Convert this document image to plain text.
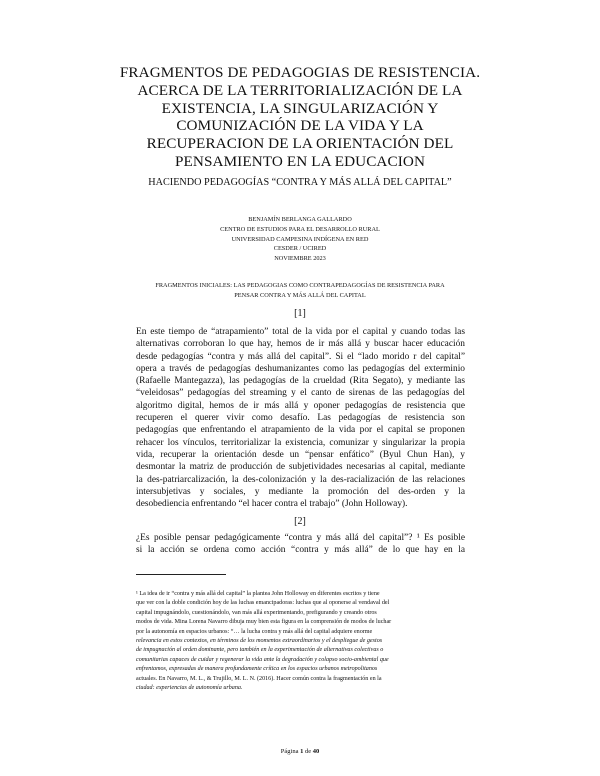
FRAGMENTOS DE PEDAGOGIAS DE RESISTENCIA.
ACERCA DE LA TERRITORIALIZACIÓN DE LA
EXISTENCIA, LA SINGULARIZACIÓN Y
COMUNIZACIÓN DE LA VIDA Y LA
RECUPERACION DE LA ORIENTACIÓN DEL
PENSAMIENTO EN LA EDUCACION
HACIENDO PEDAGOGÍAS “CONTRA Y MÁS ALLÁ DEL CAPITAL”
BENJAMÍN BERLANGA GALLARDO
CENTRO DE ESTUDIOS PARA EL DESARROLLO RURAL
UNIVERSIDAD CAMPESINA INDÍGENA EN RED
CESDER / UCIRED
NOVIEMBRE 2023
FRAGMENTOS INICIALES: LAS PEDAGOGIAS COMO CONTRAPEDAGOGÍAS DE RESISTENCIA PARA
PENSAR CONTRA Y MÁS ALLÁ DEL CAPITAL
[1]
En este tiempo de “atrapamiento” total de la vida por el capital y cuando todas las
alternativas corroboran lo que hay, hemos de ir más allá y buscar hacer educación
desde pedagogías “contra y más allá del capital”. Si el “lado morido r del capital”
opera a través de pedagogías deshumanizantes como las pedagogías del exterminio
(Rafaelle Mantegazza), las pedagogías de la crueldad (Rita Segato), y mediante las
“veleidosas” pedagogías del streaming y el canto de sirenas de las pedagogías del
algoritmo digital, hemos de ir más allá y oponer pedagogías de resistencia que
recuperen el querer vivir como desafío. Las pedagogías de resistencia son
pedagogías que enfrentando el atrapamiento de la vida por el capital se proponen
rehacer los vínculos, territorializar la existencia, comunizar y singularizar la propia
vida, recuperar la orientación desde un “pensar enfático” (Byul Chun Han), y
desmontar la matriz de producción de subjetividades necesarias al capital, mediante
la des-patriarcalización, la des-colonización y la des-racialización de las relaciones
intersubjetivas y sociales, y mediante la promoción del des-orden y la
desobediencia enfrentando “el hacer contra el trabajo” (John Holloway).
[2]
¿Es posible pensar pedagógicamente “contra y más allá del capital”? ¹ Es posible
si la acción se ordena como acción “contra y más allá” de lo que hay en la
¹ La idea de ir “contra y más allá del capital” la plantea John Holloway en diferentes escritos y tiene
que ver con la doble condición hoy de las luchas emancipadoras: luchas que al oponerse al vendaval del
capital impugnándolo, cuestionándolo, van más allá experimentando, prefigurando y creando otros
modos de vida. Mina Lorena Navarro dibuja muy bien esta figura en la comprensión de modos de luchar
por la autonomía en espacios urbanos: “… la lucha contra y más allá del capital adquiere enorme
relevancia en estos contextos, en términos de los momentos extraordinarios y el despliegue de gestos
de impugnación al orden dominante, pero también en la experimentación de alternativas colectivas o
comunitarias capaces de cuidar y regenerar la vida ante la degradación y colapso socio-ambiental que
enfrentamos, expresadas de manera profundamente crítica en los espacios urbanos metropolitanos
actuales. En Navarro, M. L., & Trujillo, M. L. N. (2016). Hacer común contra la fragmentación en la
ciudad: experiencias de autonomía urbana.
Página 1 de 40
